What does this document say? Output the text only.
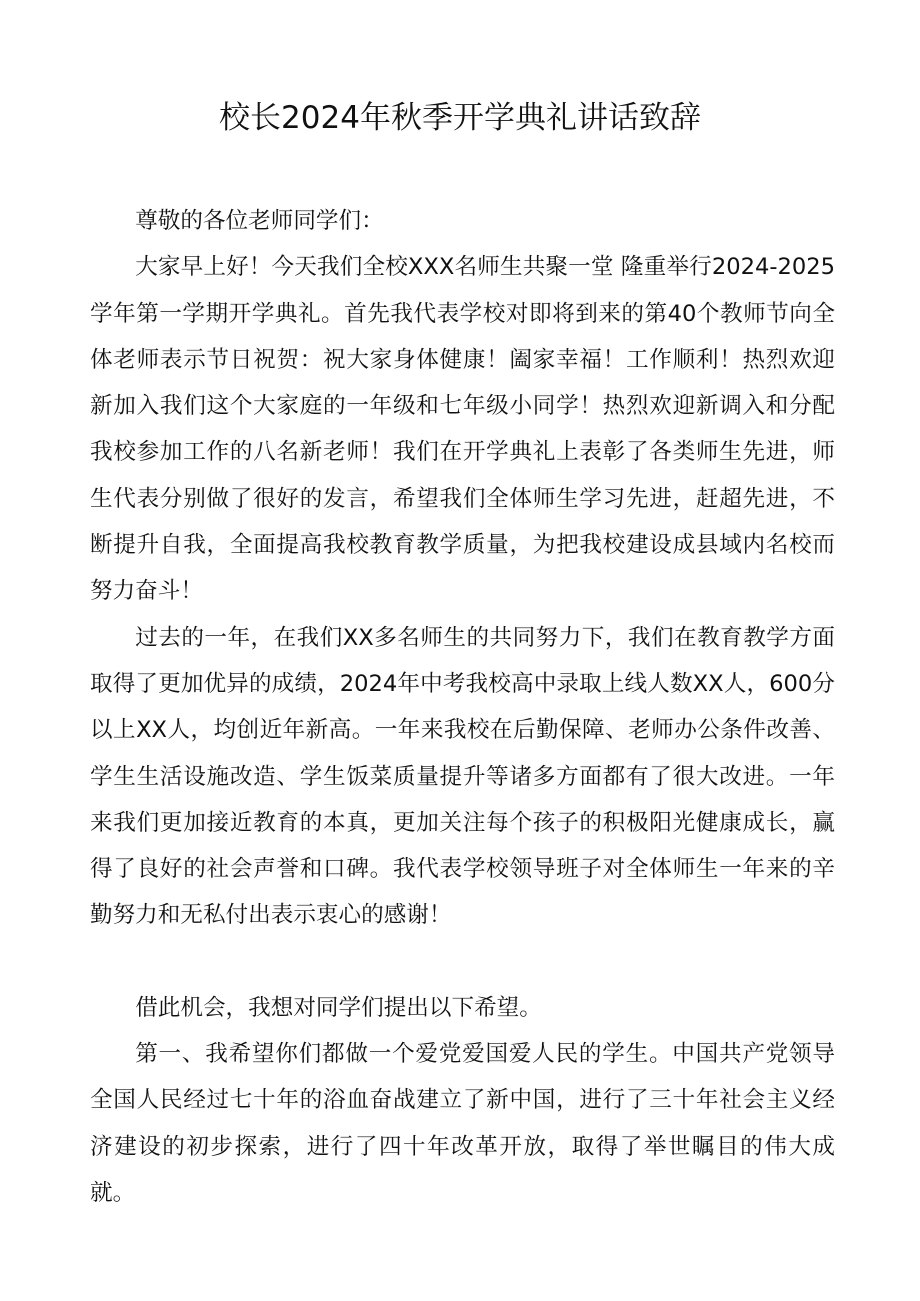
校长2024年秋季开学典礼讲话致辞

尊敬的各位老师同学们：

大家早上好！今天我们全校XXX名师生共聚一堂 隆重举行2024-2025学年第一学期开学典礼。首先我代表学校对即将到来的第40个教师节向全体老师表示节日祝贺：祝大家身体健康！阖家幸福！工作顺利！热烈欢迎新加入我们这个大家庭的一年级和七年级小同学！热烈欢迎新调入和分配我校参加工作的八名新老师！我们在开学典礼上表彰了各类师生先进，师生代表分别做了很好的发言，希望我们全体师生学习先进，赶超先进，不断提升自我，全面提高我校教育教学质量，为把我校建设成县域内名校而努力奋斗！

过去的一年，在我们XX多名师生的共同努力下，我们在教育教学方面取得了更加优异的成绩，2024年中考我校高中录取上线人数XX人，600分以上XX人，均创近年新高。一年来我校在后勤保障、老师办公条件改善、学生生活设施改造、学生饭菜质量提升等诸多方面都有了很大改进。一年来我们更加接近教育的本真，更加关注每个孩子的积极阳光健康成长，赢得了良好的社会声誉和口碑。我代表学校领导班子对全体师生一年来的辛勤努力和无私付出表示衷心的感谢！

借此机会，我想对同学们提出以下希望。

第一、我希望你们都做一个爱党爱国爱人民的学生。中国共产党领导全国人民经过七十年的浴血奋战建立了新中国，进行了三十年社会主义经济建设的初步探索，进行了四十年改革开放，取得了举世瞩目的伟大成就。
